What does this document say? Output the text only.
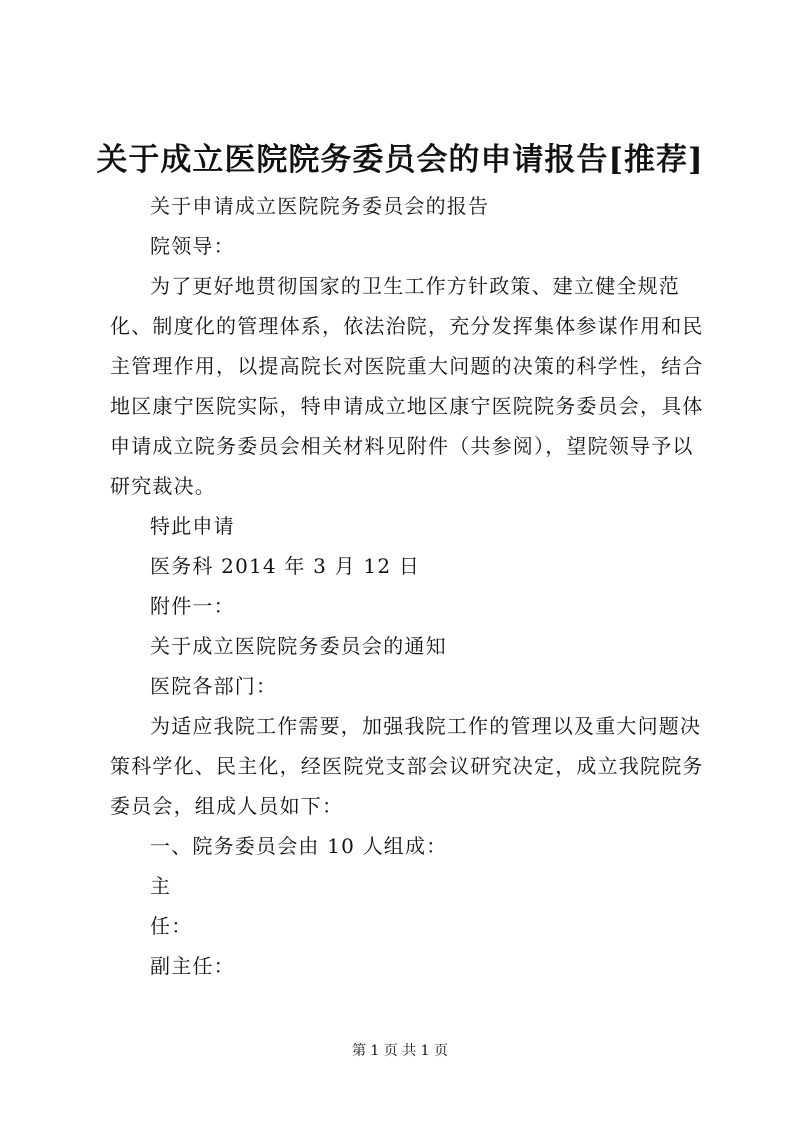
关于成立医院院务委员会的申请报告[推荐]

关于申请成立医院院务委员会的报告

院领导：

为了更好地贯彻国家的卫生工作方针政策、建立健全规范化、制度化的管理体系，依法治院，充分发挥集体参谋作用和民主管理作用，以提高院长对医院重大问题的决策的科学性，结合地区康宁医院实际，特申请成立地区康宁医院院务委员会，具体申请成立院务委员会相关材料见附件（共参阅），望院领导予以研究裁决。

特此申请

医务科 2014 年 3 月 12 日

附件一：

关于成立医院院务委员会的通知

医院各部门：

为适应我院工作需要，加强我院工作的管理以及重大问题决策科学化、民主化，经医院党支部会议研究决定，成立我院院务委员会，组成人员如下：

一、院务委员会由 10 人组成：

主

任：

副主任：

第 1 页 共 1 页
